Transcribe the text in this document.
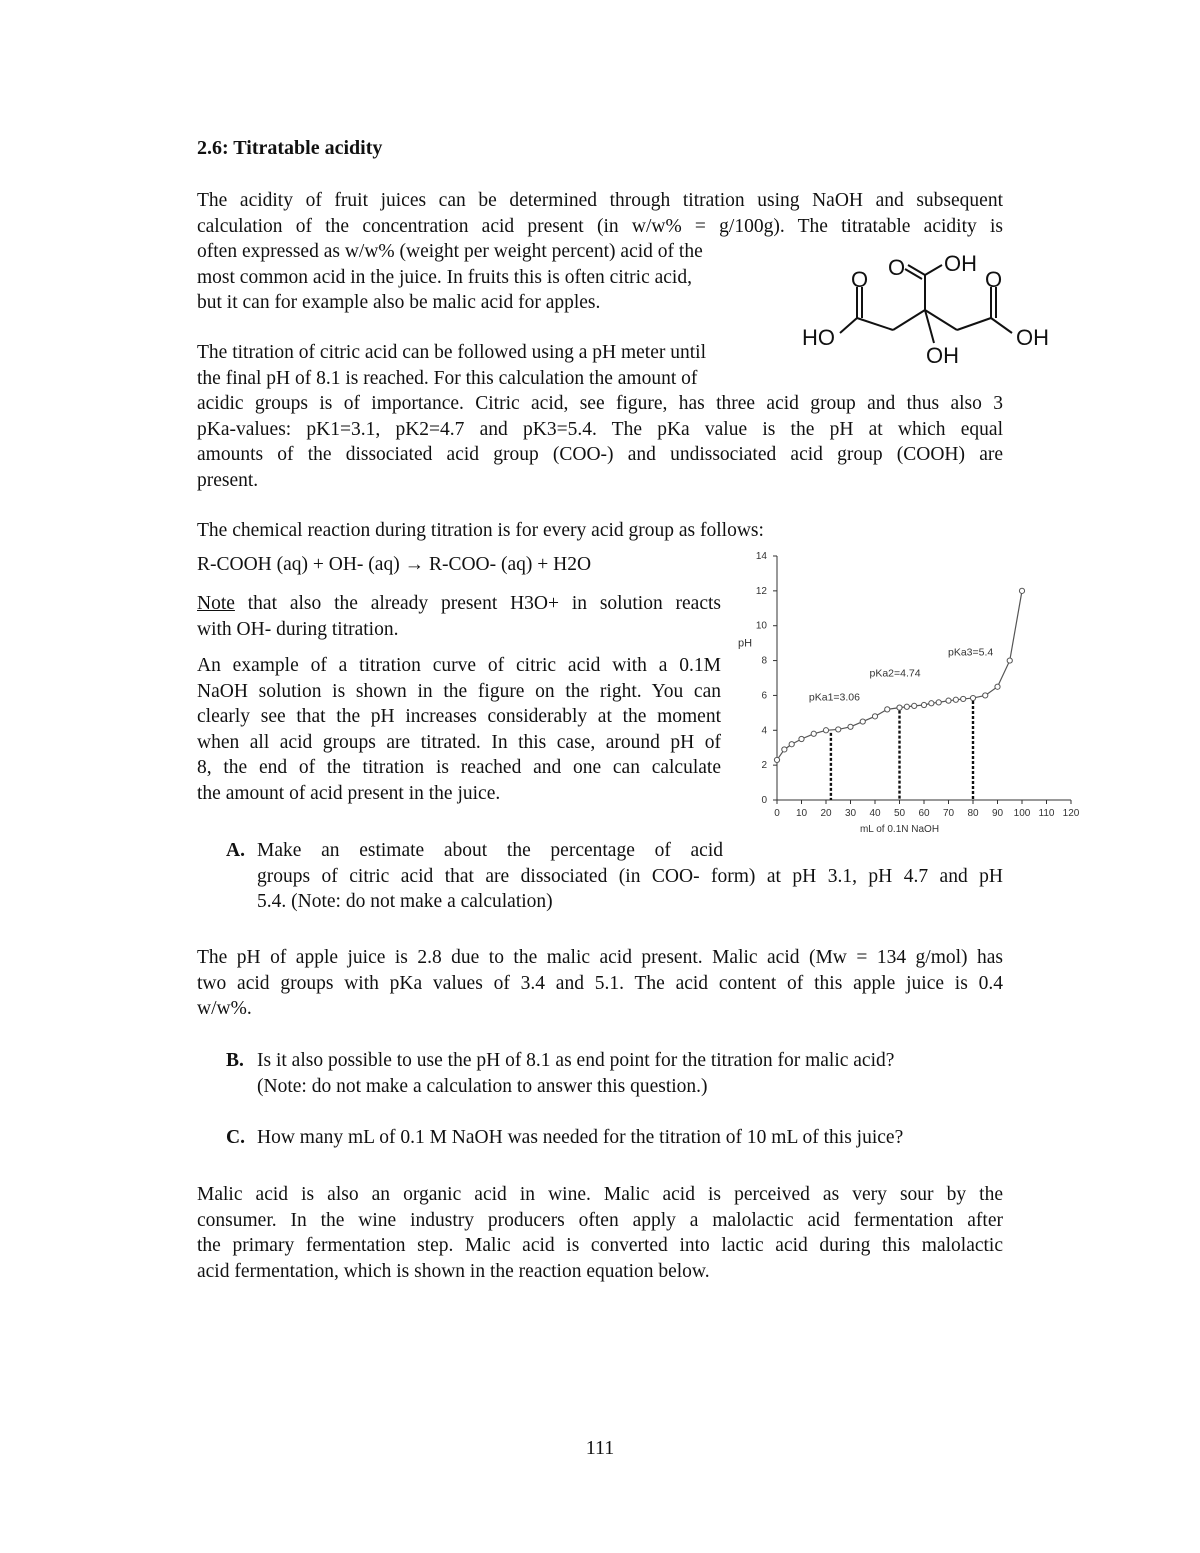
2.6: Titratable acidity
The acidity of fruit juices can be determined through titration using NaOH and subsequent
calculation of the concentration acid present (in w/w% = g/100g). The titratable acidity is
often expressed as w/w% (weight per weight percent) acid of the
most common acid in the juice. In fruits this is often citric acid,
but it can for example also be malic acid for apples.
O OH
O	O
HO
OH
OH
The titration of citric acid can be followed using a pH meter until
the final pH of 8.1 is reached. For this calculation the amount of
acidic groups is of importance. Citric acid, see figure, has three acid group and thus also 3
pKa-values: pK1=3.1, pK2=4.7 and pK3=5.4. The pKa value is the pH at which equal
amounts of the dissociated acid group (COO-) and undissociated acid group (COOH) are
present.
The chemical reaction during titration is for every acid group as follows:
R-COOH (aq) + OH- (aq) → R-COO- (aq) + H2O
Note that also the already present H3O+ in solution reacts
with OH- during titration.
An example of a titration curve of citric acid with a 0.1M
NaOH solution is shown in the figure on the right. You can
clearly see that the pH increases considerably at the moment
when all acid groups are titrated. In this case, around pH of
8, the end of the titration is reached and one can calculate
the amount of acid present in the juice.	0
2
4
6
8
10
12
14
0 10 20 30 40 50 60 70 80 90 100 110 120
pH
mL of 0.1N NaOH
pKa1=3.06
pKa2=4.74
pKa3=5.4
A. Make an estimate about the percentage of acid
groups of citric acid that are dissociated (in COO- form) at pH 3.1, pH 4.7 and pH
5.4. (Note: do not make a calculation)
The pH of apple juice is 2.8 due to the malic acid present. Malic acid (Mw = 134 g/mol) has
two acid groups with pKa values of 3.4 and 5.1. The acid content of this apple juice is 0.4
w/w%.
B. Is it also possible to use the pH of 8.1 as end point for the titration for malic acid?
(Note: do not make a calculation to answer this question.)
C. How many mL of 0.1 M NaOH was needed for the titration of 10 mL of this juice?
Malic acid is also an organic acid in wine. Malic acid is perceived as very sour by the
consumer. In the wine industry producers often apply a malolactic acid fermentation after
the primary fermentation step. Malic acid is converted into lactic acid during this malolactic
acid fermentation, which is shown in the reaction equation below.
111
